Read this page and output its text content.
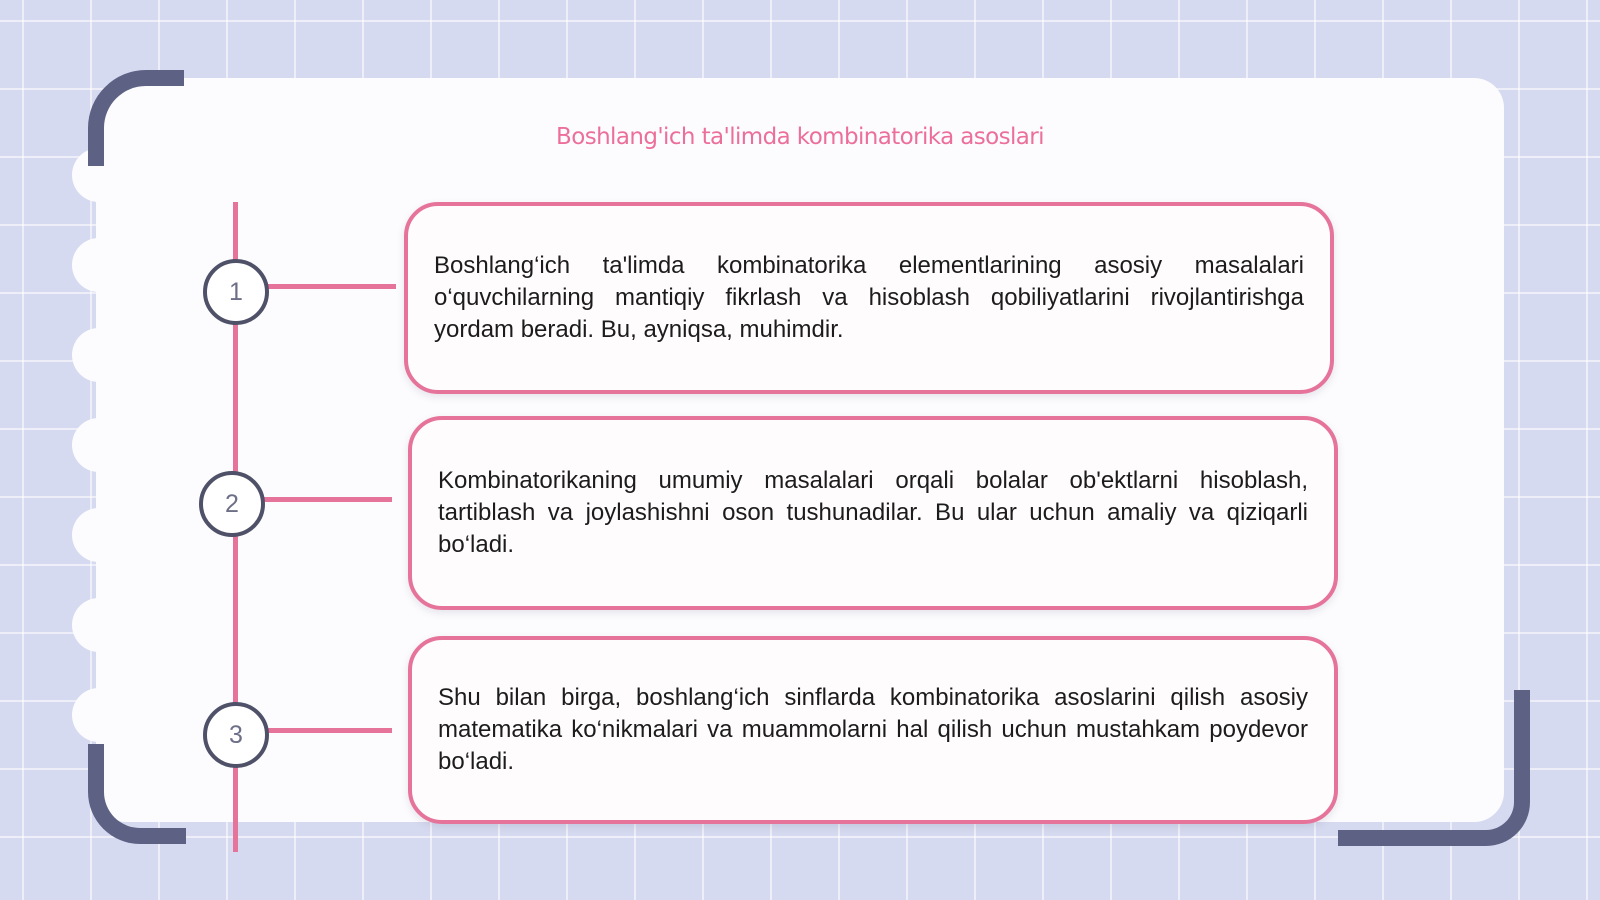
Boshlang'ich ta'limda kombinatorika asoslari
1

Boshlang‘ich ta'limda kombinatorika elementlarining asosiy masalalari o‘quvchilarning mantiqiy fikrlash va hisoblash qobiliyatlarini rivojlantirishga yordam beradi. Bu, ayniqsa, muhimdir.

2

Kombinatorikaning umumiy masalalari orqali bolalar ob'ektlarni hisoblash, tartiblash va joylashishni oson tushunadilar. Bu ular uchun amaliy va qiziqarli bo‘ladi.

3

Shu bilan birga, boshlang‘ich sinflarda kombinatorika asoslarini qilish asosiy matematika ko‘nikmalari va muammolarni hal qilish uchun mustahkam poydevor bo‘ladi.
